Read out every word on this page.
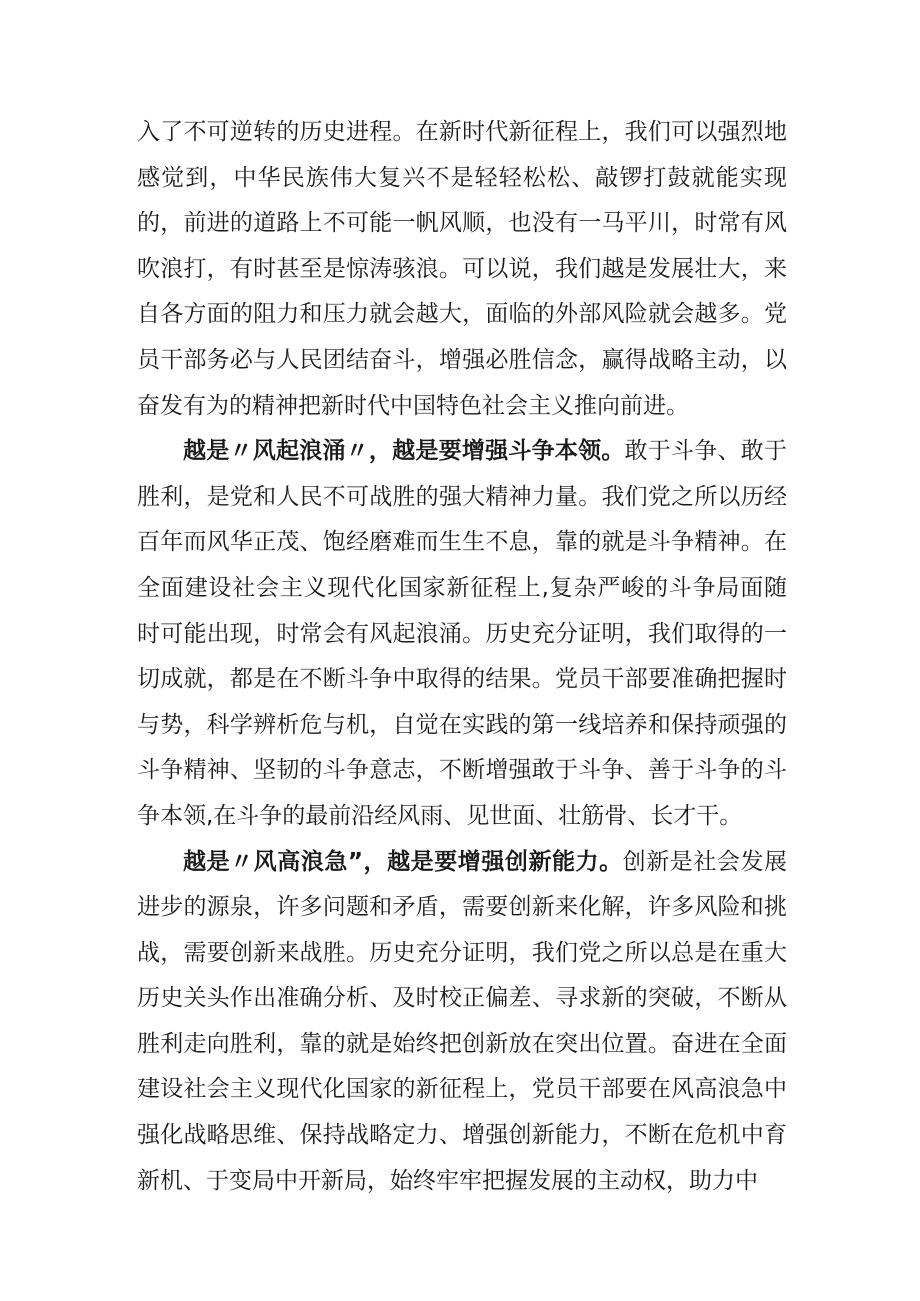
入了不可逆转的历史进程。在新时代新征程上，我们可以强烈地感觉到，中华民族伟大复兴不是轻轻松松、敲锣打鼓就能实现的，前进的道路上不可能一帆风顺，也没有一马平川，时常有风吹浪打，有时甚至是惊涛骇浪。可以说，我们越是发展壮大，来自各方面的阻力和压力就会越大，面临的外部风险就会越多。党员干部务必与人民团结奋斗，增强必胜信念，赢得战略主动，以奋发有为的精神把新时代中国特色社会主义推向前进。

越是〃风起浪涌〃，越是要增强斗争本领。敢于斗争、敢于胜利，是党和人民不可战胜的强大精神力量。我们党之所以历经百年而风华正茂、饱经磨难而生生不息，靠的就是斗争精神。在全面建设社会主义现代化国家新征程上,复杂严峻的斗争局面随时可能出现，时常会有风起浪涌。历史充分证明，我们取得的一切成就，都是在不断斗争中取得的结果。党员干部要准确把握时与势，科学辨析危与机，自觉在实践的第一线培养和保持顽强的斗争精神、坚韧的斗争意志，不断增强敢于斗争、善于斗争的斗争本领,在斗争的最前沿经风雨、见世面、壮筋骨、长才干。

越是〃风高浪急”，越是要增强创新能力。创新是社会发展进步的源泉，许多问题和矛盾，需要创新来化解，许多风险和挑战，需要创新来战胜。历史充分证明，我们党之所以总是在重大历史关头作出准确分析、及时校正偏差、寻求新的突破，不断从胜利走向胜利，靠的就是始终把创新放在突出位置。奋进在全面建设社会主义现代化国家的新征程上，党员干部要在风高浪急中强化战略思维、保持战略定力、增强创新能力，不断在危机中育新机、于变局中开新局，始终牢牢把握发展的主动权，助力中
